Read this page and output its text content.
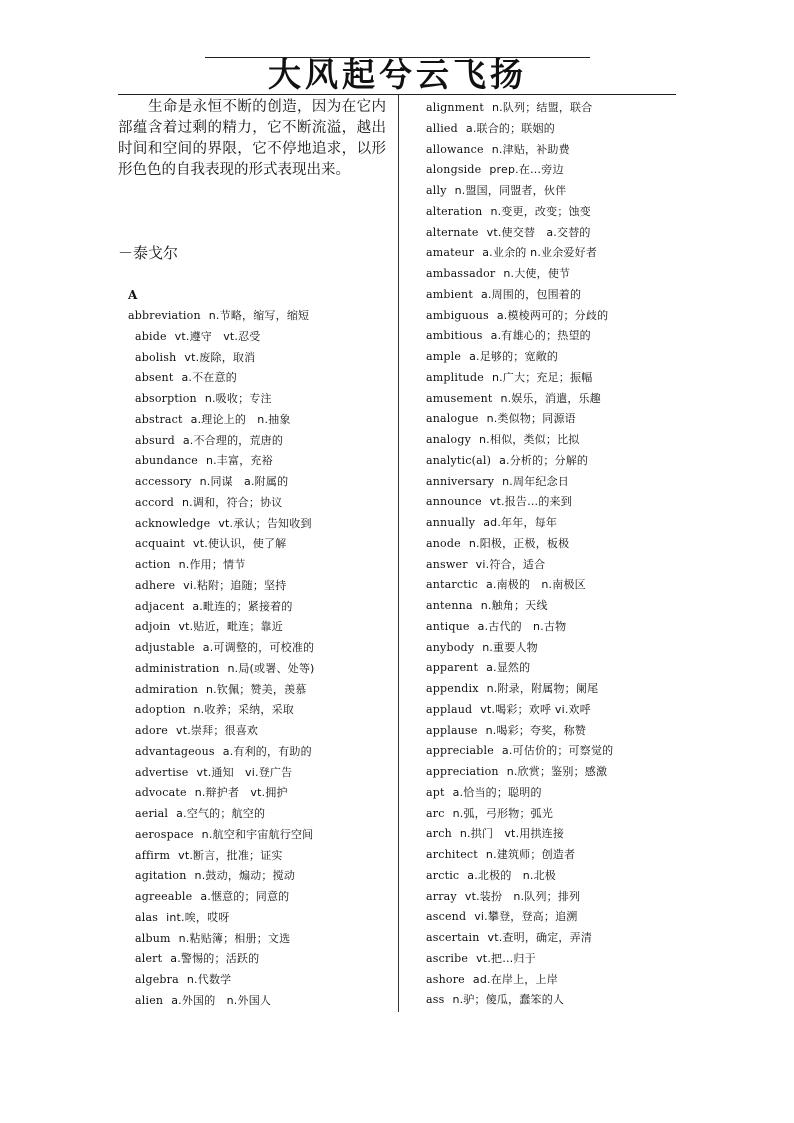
大风起兮云飞扬
生命是永恒不断的创造，因为在它内部蕴含着过剩的精力，它不断流溢，越出时间和空间的界限，它不停地追求，以形形色色的自我表现的形式表现出来。
－泰戈尔
A
abbreviation n.节略，缩写，缩短
abide vt.遵守　vt.忍受
abolish vt.废除，取消
absent a.不在意的
absorption n.吸收；专注
abstract a.理论上的　n.抽象
absurd a.不合理的，荒唐的
abundance n.丰富，充裕
accessory n.同谋　a.附属的
accord n.调和，符合；协议
acknowledge vt.承认；告知收到
acquaint vt.使认识，使了解
action n.作用；情节
adhere vi.粘附；追随；坚持
adjacent a.毗连的；紧接着的
adjoin vt.贴近，毗连；靠近
adjustable a.可调整的，可校准的
administration n.局(或署、处等)
admiration n.钦佩；赞美，羡慕
adoption n.收养；采纳，采取
adore vt.崇拜；很喜欢
advantageous a.有利的，有助的
advertise vt.通知　vi.登广告
advocate n.辩护者　vt.拥护
aerial a.空气的；航空的
aerospace n.航空和宇宙航行空间
affirm vt.断言，批准；证实
agitation n.鼓动，煽动；搅动
agreeable a.惬意的；同意的
alas int.唉，哎呀
album n.粘贴簿；相册；文选
alert a.警惕的；活跃的
algebra n.代数学
alien a.外国的　n.外国人
alignment n.队列；结盟，联合
allied a.联合的；联姻的
allowance n.津贴，补助费
alongside prep.在…旁边
ally n.盟国，同盟者，伙伴
alteration n.变更，改变；蚀变
alternate vt.使交替　a.交替的
amateur a.业余的 n.业余爱好者
ambassador n.大使，使节
ambient a.周围的，包围着的
ambiguous a.模棱两可的；分歧的
ambitious a.有雄心的；热望的
ample a.足够的；宽敞的
amplitude n.广大；充足；振幅
amusement n.娱乐，消遣，乐趣
analogue n.类似物；同源语
analogy n.相似，类似；比拟
analytic(al) a.分析的；分解的
anniversary n.周年纪念日
announce vt.报告…的来到
annually ad.年年，每年
anode n.阳极，正极，板极
answer vi.符合，适合
antarctic a.南极的　n.南极区
antenna n.触角；天线
antique a.古代的　n.古物
anybody n.重要人物
apparent a.显然的
appendix n.附录，附属物；阑尾
applaud vt.喝彩；欢呼 vi.欢呼
applause n.喝彩；夸奖，称赞
appreciable a.可估价的；可察觉的
appreciation n.欣赏；鉴别；感激
apt a.恰当的；聪明的
arc n.弧，弓形物；弧光
arch n.拱门　vt.用拱连接
architect n.建筑师；创造者
arctic a.北极的　n.北极
array vt.装扮　n.队列；排列
ascend vi.攀登，登高；追溯
ascertain vt.查明，确定，弄清
ascribe vt.把…归于
ashore ad.在岸上，上岸
ass n.驴；傻瓜，蠢笨的人
